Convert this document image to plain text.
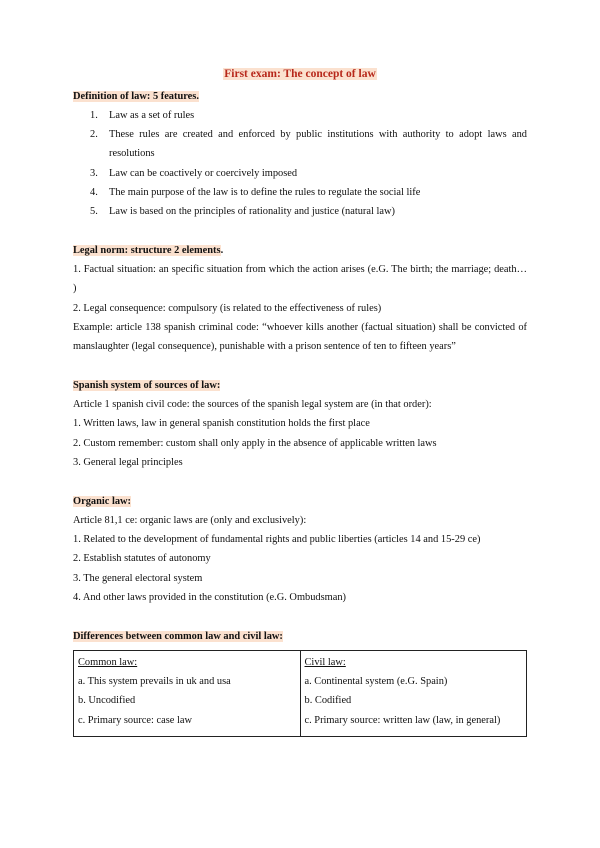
First exam: The concept of law
Definition of law: 5 features.
1. Law as a set of rules
2. These rules are created and enforced by public institutions with authority to adopt laws and resolutions
3. Law can be coactively or coercively imposed
4. The main purpose of the law is to define the rules to regulate the social life
5. Law is based on the principles of rationality and justice (natural law)
Legal norm: structure 2 elements.

1. Factual situation: an specific situation from which the action arises (e.G. The birth; the marriage; death… )

2. Legal consequence: compulsory (is related to the effectiveness of rules)

Example: article 138 spanish criminal code: “whoever kills another (factual situation) shall be convicted of manslaughter (legal consequence), punishable with a prison sentence of ten to fifteen years”

Spanish system of sources of law:

Article 1 spanish civil code: the sources of the spanish legal system are (in that order):

1. Written laws, law in general spanish constitution holds the first place

2. Custom remember: custom shall only apply in the absence of applicable written laws

3. General legal principles

Organic law:

Article 81,1 ce: organic laws are (only and exclusively):

1. Related to the development of fundamental rights and public liberties (articles 14 and 15-29 ce)

2. Establish statutes of autonomy

3. The general electoral system

4. And other laws provided in the constitution (e.G. Ombudsman)

Differences between common law and civil law:
Common law:
a. This system prevails in uk and usa
b. Uncodified
c. Primary source: case law

Civil law:
a. Continental system (e.G. Spain)
b. Codified
c. Primary source: written law (law, in general)
